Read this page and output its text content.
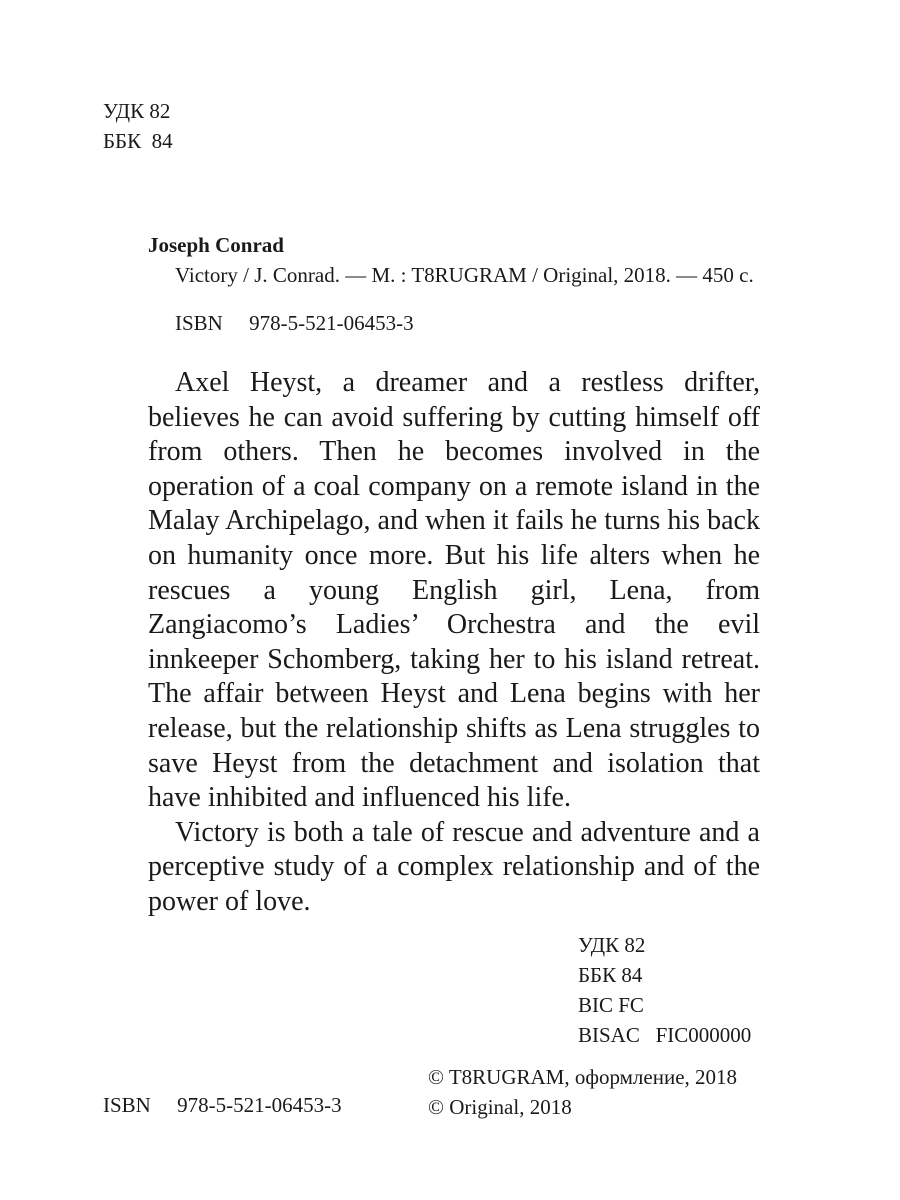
УДК 82
ББК  84
Joseph Conrad
Victory / J. Conrad. — M. : T8RUGRAM / Original, 2018. — 450 с.
ISBN     978-5-521-06453-3

Axel Heyst, a dreamer and a restless drifter, believes he can avoid suffering by cutting himself off from others. Then he becomes involved in the operation of a coal company on a remote island in the Malay Archipelago, and when it fails he turns his back on humanity once more. But his life alters when he rescues a young English girl, Lena, from Zangiacomo’s Ladies’ Orchestra and the evil innkeeper Schomberg, taking her to his island retreat. The affair between Heyst and Lena begins with her release, but the relationship shifts as Lena struggles to save Heyst from the detachment and isolation that have inhibited and influenced his life.

Victory is both a tale of rescue and adventure and a perceptive study of a complex relationship and of the power of love.

УДК 82
ББК 84
BIC FC
BISAC   FIC000000
ISBN     978-5-521-06453-3
© T8RUGRAM, оформление, 2018
© Original, 2018
